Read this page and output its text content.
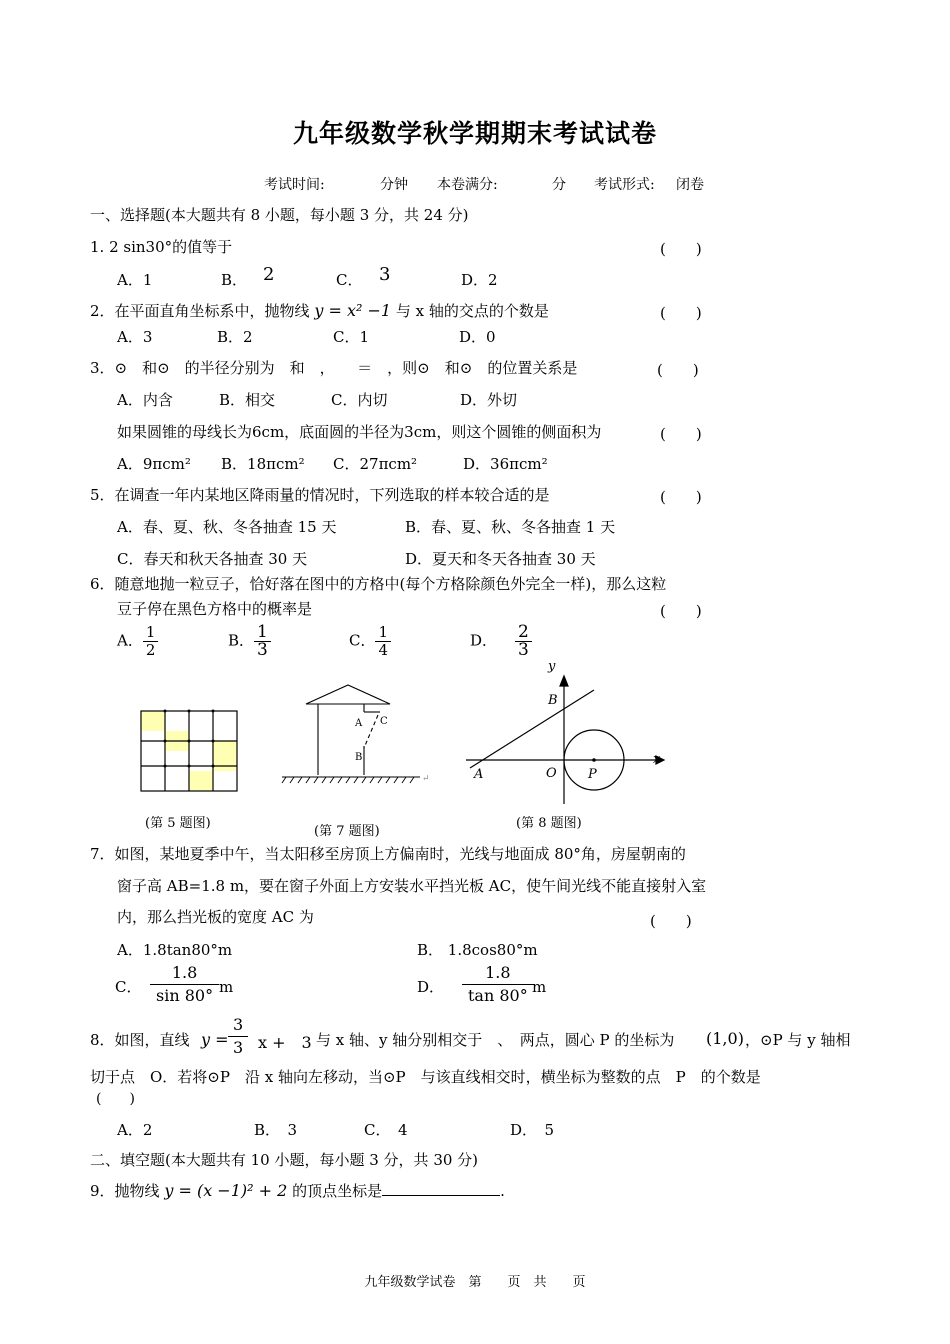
九年级数学秋学期期末考试试卷
考试时间:	分钟 本卷满分:	分 考试形式: 闭卷
一、选择题(本大题共有 8 小题，每小题 3 分，共 24 分)
1. 2 sin30°的值等于	(　　)
A．1	B． 2	C． 3	D．2
2．在平面直角坐标系中，抛物线 y = x² −1 与 x 轴的交点的个数是	(　　)
A．3	B．2	C．1	D．0
3．⊙　和⊙　的半径分别为　和　，　　＝　，则⊙　和⊙　的位置关系是	(　　)
A．内含	B．相交	C．内切	D．外切
如果圆锥的母线长为6cm，底面圆的半径为3cm，则这个圆锥的侧面积为	(　　)
A．9πcm² B．18πcm² C．27πcm²	D．36πcm²
5．在调查一年内某地区降雨量的情况时，下列选取的样本较合适的是	(　　)
A．春、夏、秋、冬各抽查 15 天	B．春、夏、秋、冬各抽查 1 天
C．春天和秋天各抽查 30 天	D．夏天和冬天各抽查 30 天
6．随意地抛一粒豆子，恰好落在图中的方格中(每个方格除颜色外完全一样)，那么这粒
豆子停在黑色方格中的概率是	(　　)
A． $\frac{1}{2}$	B． $\frac{1}{3}$	C． $\frac{1}{4}$	D． $\frac{2}{3}$
(第 5 题图)
A C
B
↵
(第 7 题图)
y
x
B
A	O P
(第 8 题图)
7．如图，某地夏季中午，当太阳移至房顶上方偏南时，光线与地面成 80°角，房屋朝南的
窗子高 AB=1.8 m，要在窗子外面上方安装水平挡光板 AC，使午间光线不能直接射入室
内，那么挡光板的宽度 AC 为	(　　)
A．1.8tan80°m	B． 1.8cos80°m
C． $\frac{1.8}{\sin 80^\circ}$ m	D． $\frac{1.8}{\tan 80^\circ}$
m
8．如图，直线 $y = \frac{3}{3}$ x +　3 与 x 轴、y 轴分别相交于　、　两点，圆心 P 的坐标为 (1,0) ，⊙P 与 y 轴相
切于点　O．若将⊙P　沿 x 轴向左移动，当⊙P　与该直线相交时，横坐标为整数的点　P　的个数是
(　　)
A．2	B．　3	C．　4	D．　5
二、填空题(本大题共有 10 小题，每小题 3 分，共 30 分)
9．抛物线 y = (x −1)² + 2 的顶点坐标是	.
九年级数学试卷　第　　页　共　　页
